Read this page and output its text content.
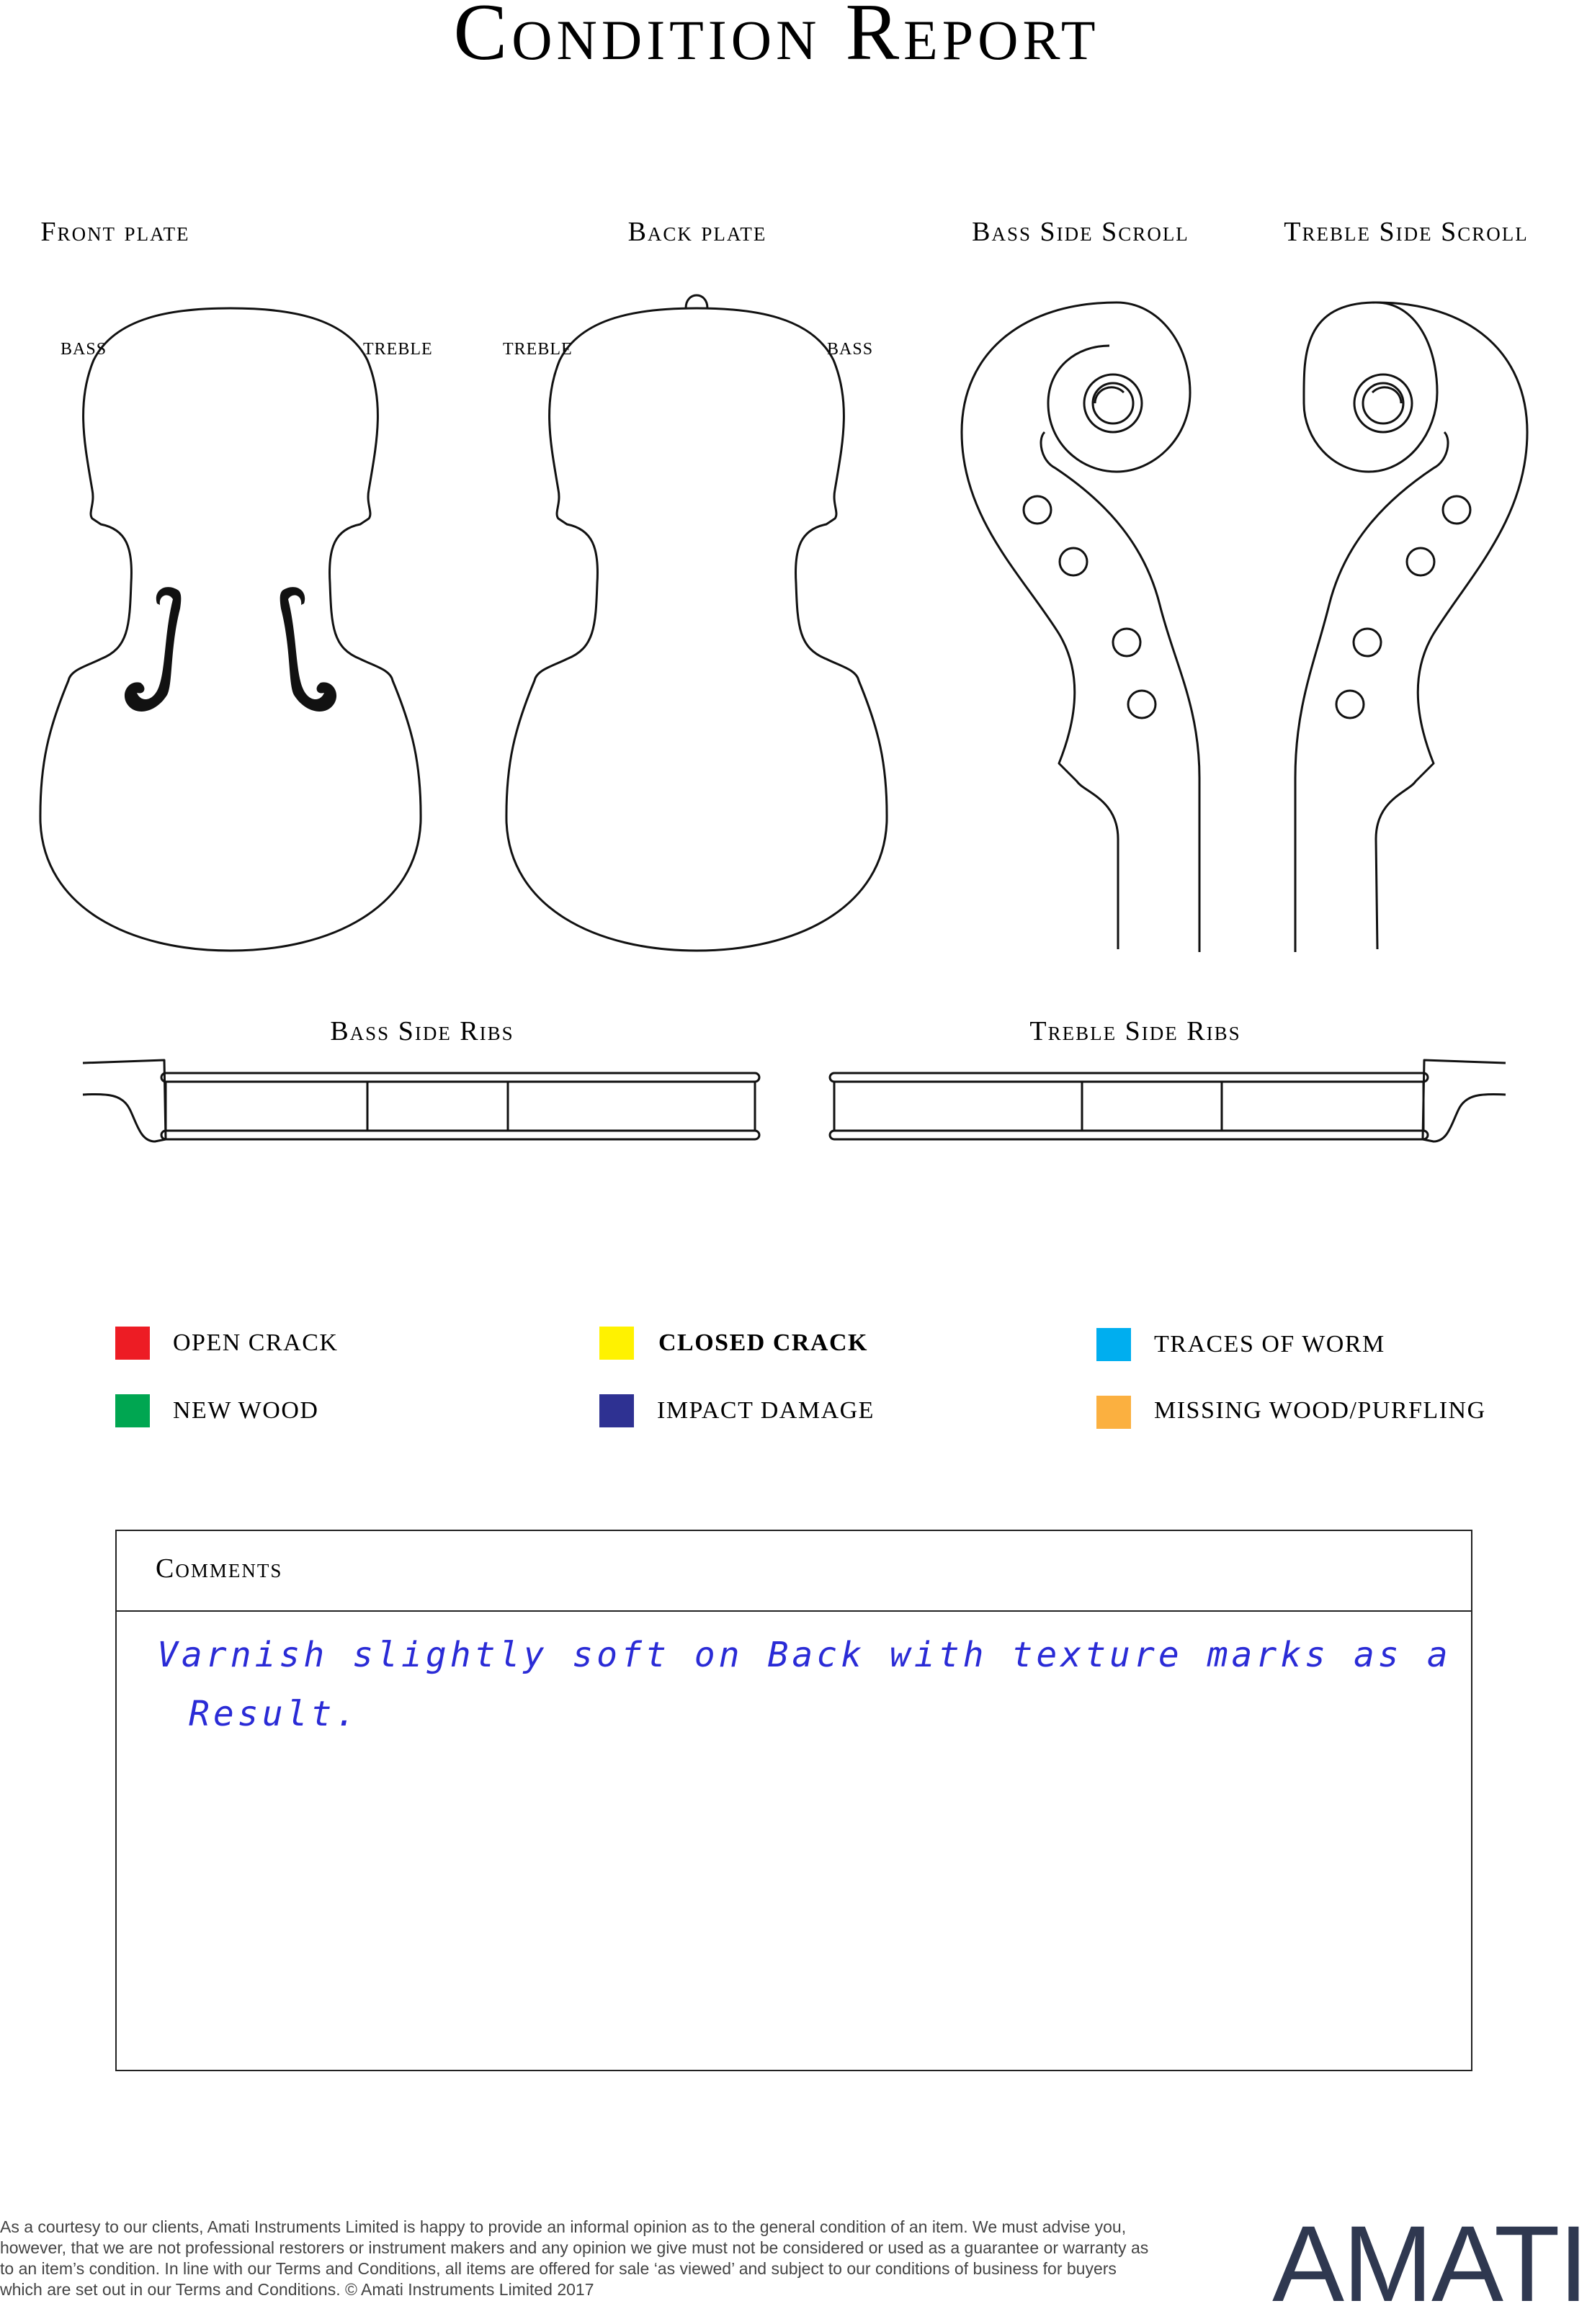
Condition Report
Front plate	Back plate	Bass Side Scroll	Treble Side Scroll
BASS	TREBLE	TREBLE	BASS
Bass Side Ribs	Treble Side Ribs
OPEN CRACK	CLOSED CRACK	TRACES OF WORM
NEW WOOD	IMPACT DAMAGE	MISSING WOOD/PURFLING
Comments
Varnish slightly soft on Back with texture marks as a
Result.
As a courtesy to our clients, Amati Instruments Limited is happy to provide an informal opinion as to the general condition of an item. We must advise you, however, that we are not professional restorers or instrument makers and any opinion we give must not be considered or used as a guarantee or warranty as to an item’s condition. In line with our Terms and Conditions, all items are offered for sale ‘as viewed’ and subject to our conditions of business for buyers which are set out in our Terms and Conditions. © Amati Instruments Limited 2017	AMATI
